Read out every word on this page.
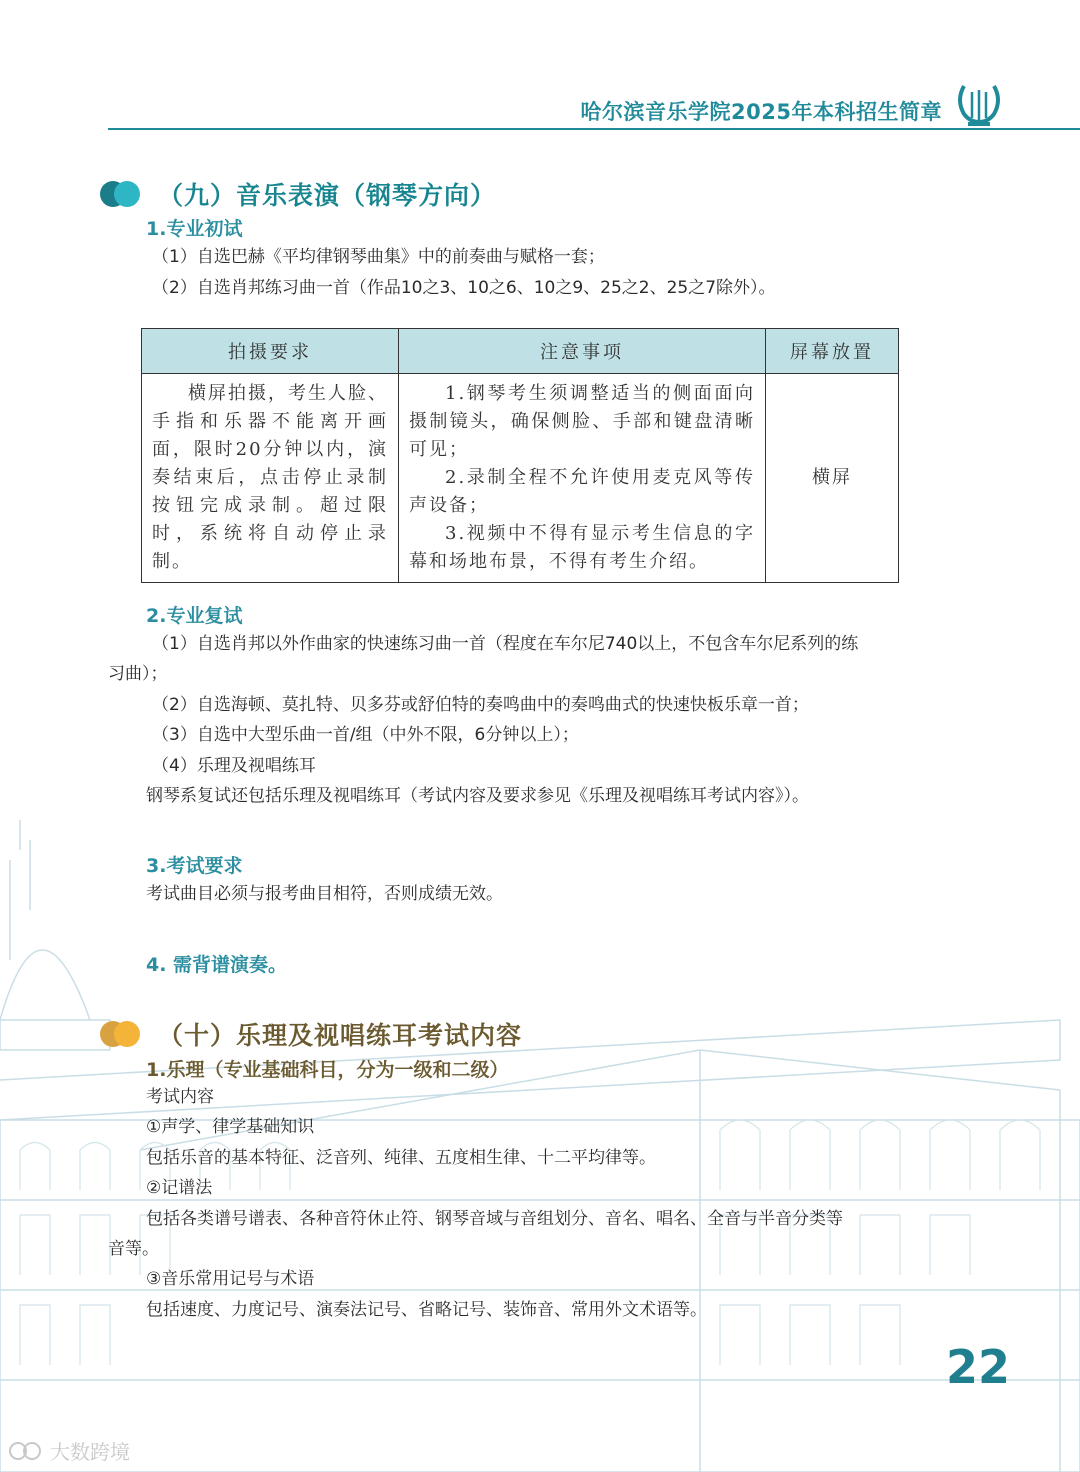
哈尔滨音乐学院2025年本科招生简章
（九）音乐表演（钢琴方向）
1.专业初试
（1）自选巴赫《平均律钢琴曲集》中的前奏曲与赋格一套；
（2）自选肖邦练习曲一首（作品10之3、10之6、10之9、25之2、25之7除外）。
拍摄要求	注意事项	屏幕放置

横屏拍摄，考生人脸、手指和乐器不能离开画面，限时20分钟以内，演奏结束后，点击停止录制按钮完成录制。超过限时，系统将自动停止录制。	1.钢琴考生须调整适当的侧面面向摄制镜头，确保侧脸、手部和键盘清晰可见；
2.录制全程不允许使用麦克风等传声设备；
3.视频中不得有显示考生信息的字幕和场地布景，不得有考生介绍。	横屏
2.专业复试
（1）自选肖邦以外作曲家的快速练习曲一首（程度在车尔尼740以上，不包含车尔尼系列的练
习曲）；
（2）自选海顿、莫扎特、贝多芬或舒伯特的奏鸣曲中的奏鸣曲式的快速快板乐章一首；
（3）自选中大型乐曲一首/组（中外不限，6分钟以上）；
（4）乐理及视唱练耳
钢琴系复试还包括乐理及视唱练耳（考试内容及要求参见《乐理及视唱练耳考试内容》）。
3.考试要求
考试曲目必须与报考曲目相符，否则成绩无效。
4. 需背谱演奏。
（十）乐理及视唱练耳考试内容
1.乐理（专业基础科目，分为一级和二级）
考试内容
①声学、律学基础知识
包括乐音的基本特征、泛音列、纯律、五度相生律、十二平均律等。
②记谱法
包括各类谱号谱表、各种音符休止符、钢琴音域与音组划分、音名、唱名、全音与半音分类等
音等。
③音乐常用记号与术语
包括速度、力度记号、演奏法记号、省略记号、装饰音、常用外文术语等。
22
大数跨境
